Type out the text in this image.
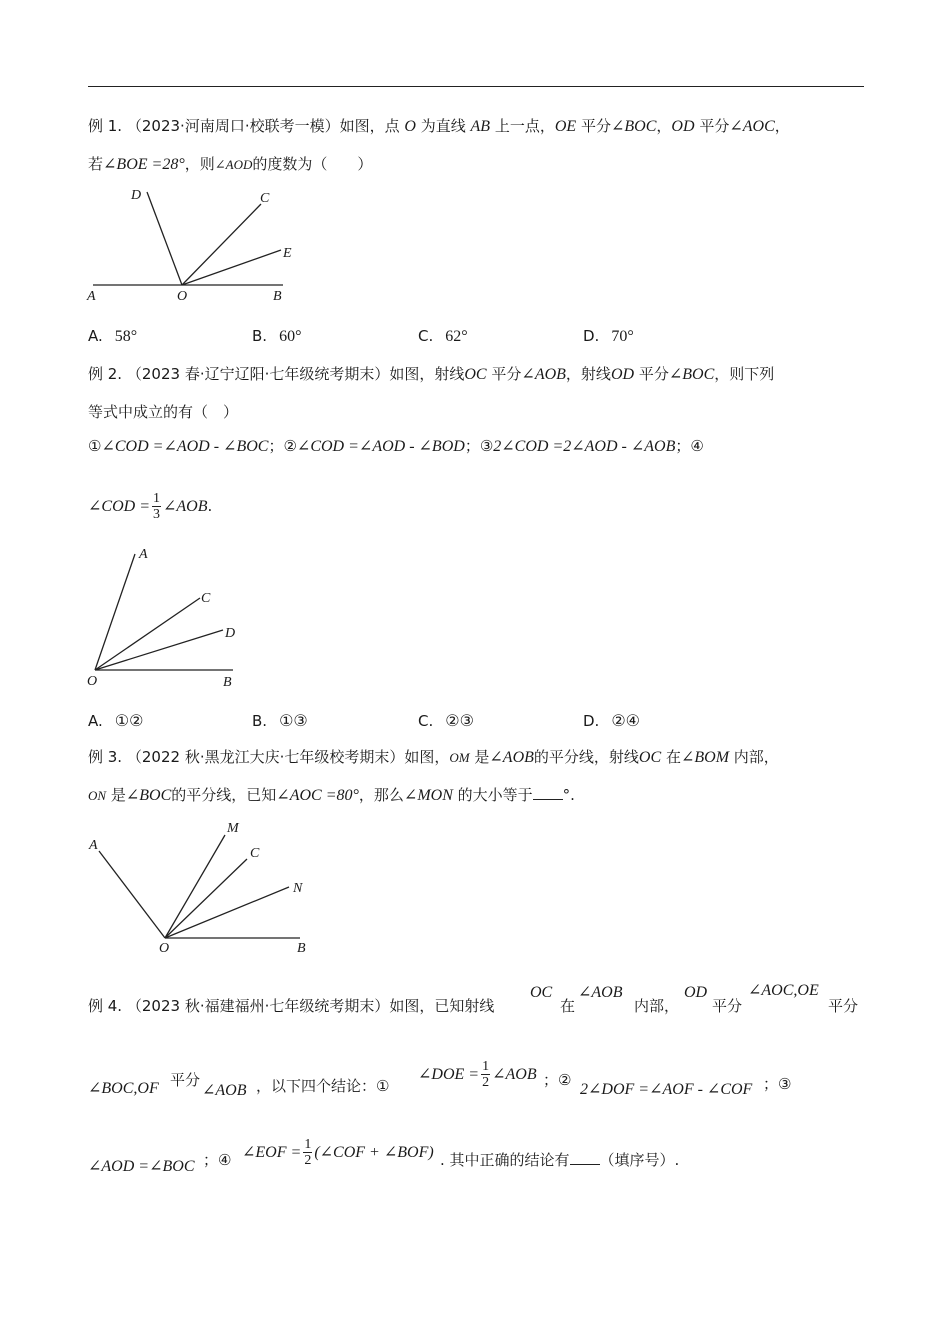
例 1. （2023·河南周口·校联考一模）如图，点 O 为直线 AB 上一点，OE 平分∠BOC，OD 平分∠AOC，
若∠BOE =28°，则∠AOD的度数为（　　）
D	C
E
A	O	B
A. 58°	B. 60°	C. 62°	D. 70°
例 2. （2023 春·辽宁辽阳·七年级统考期末）如图，射线OC 平分∠AOB，射线OD 平分∠BOC，则下列
等式中成立的有（　）
①∠COD =∠AOD - ∠BOC；②∠COD =∠AOD - ∠BOD；③2∠COD =2∠AOD - ∠AOB；④
∠COD = $\frac{1}{3}$ ∠AOB.
A
C
D
O	B
A. ①②	B. ①③	C. ②③	D. ②④
例 3. （2022 秋·黑龙江大庆·七年级校考期末）如图，OM 是∠AOB的平分线，射线OC 在∠BOM 内部，
ON 是∠BOC的平分线，已知∠AOC =80°，那么∠MON 的大小等于 °.
A
M
C
N
O	B
例 4. （2023 秋·福建福州·七年级统考期末）如图，已知射线
OC
在
∠AOB
内部，
OD
平分
∠AOC,OE
平分
∠BOC,OF 平分
∠AOB ，以下四个结论：①
∠DOE = $\frac{1}{2}$ ∠AOB ；②
2∠DOF =∠AOF - ∠COF ；③
∠AOD =∠BOC ；④ ∠EOF = $\frac{1}{2}$ (∠COF + ∠BOF) . 其中正确的结论有 （填序号）.
